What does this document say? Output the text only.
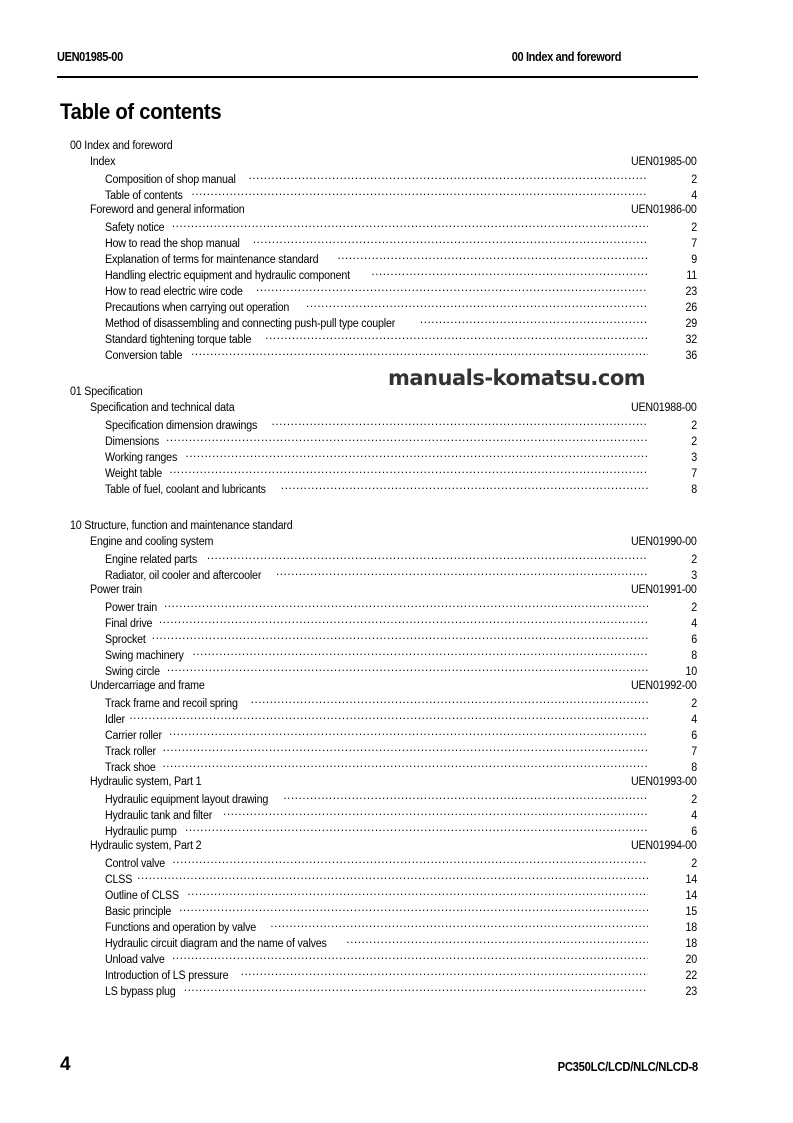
UEN01985-00	00 Index and foreword
Table of contents
00 Index and foreword
Index	UEN01985-00
Composition of shop manual .....	2
Table of contents .....	4
Foreword and general information	UEN01986-00
Safety notice .....	2
How to read the shop manual .....	7
Explanation of terms for maintenance standard .....	9
Handling electric equipment and hydraulic component .....	11
How to read electric wire code .....	23
Precautions when carrying out operation .....	26
Method of disassembling and connecting push-pull type coupler .....	29
Standard tightening torque table .....	32
Conversion table .....	36
01 Specification
Specification and technical data	UEN01988-00
Specification dimension drawings .....	2
Dimensions .....	2
Working ranges .....	3
Weight table .....	7
Table of fuel, coolant and lubricants .....	8
10 Structure, function and maintenance standard
Engine and cooling system	UEN01990-00
Engine related parts .....	2
Radiator, oil cooler and aftercooler .....	3
Power train	UEN01991-00
Power train .....	2
Final drive .....	4
Sprocket .....	6
Swing machinery .....	8
Swing circle .....	10
Undercarriage and frame	UEN01992-00
Track frame and recoil spring .....	2
Idler .....	4
Carrier roller .....	6
Track roller .....	7
Track shoe .....	8
Hydraulic system, Part 1	UEN01993-00
Hydraulic equipment layout drawing .....	2
Hydraulic tank and filter .....	4
Hydraulic pump .....	6
Hydraulic system, Part 2	UEN01994-00
Control valve .....	2
CLSS .....	14
Outline of CLSS .....	14
Basic principle .....	15
Functions and operation by valve .....	18
Hydraulic circuit diagram and the name of valves .....	18
Unload valve .....	20
Introduction of LS pressure .....	22
LS bypass plug .....	23
manuals-komatsu.com
4	PC350LC/LCD/NLC/NLCD-8
